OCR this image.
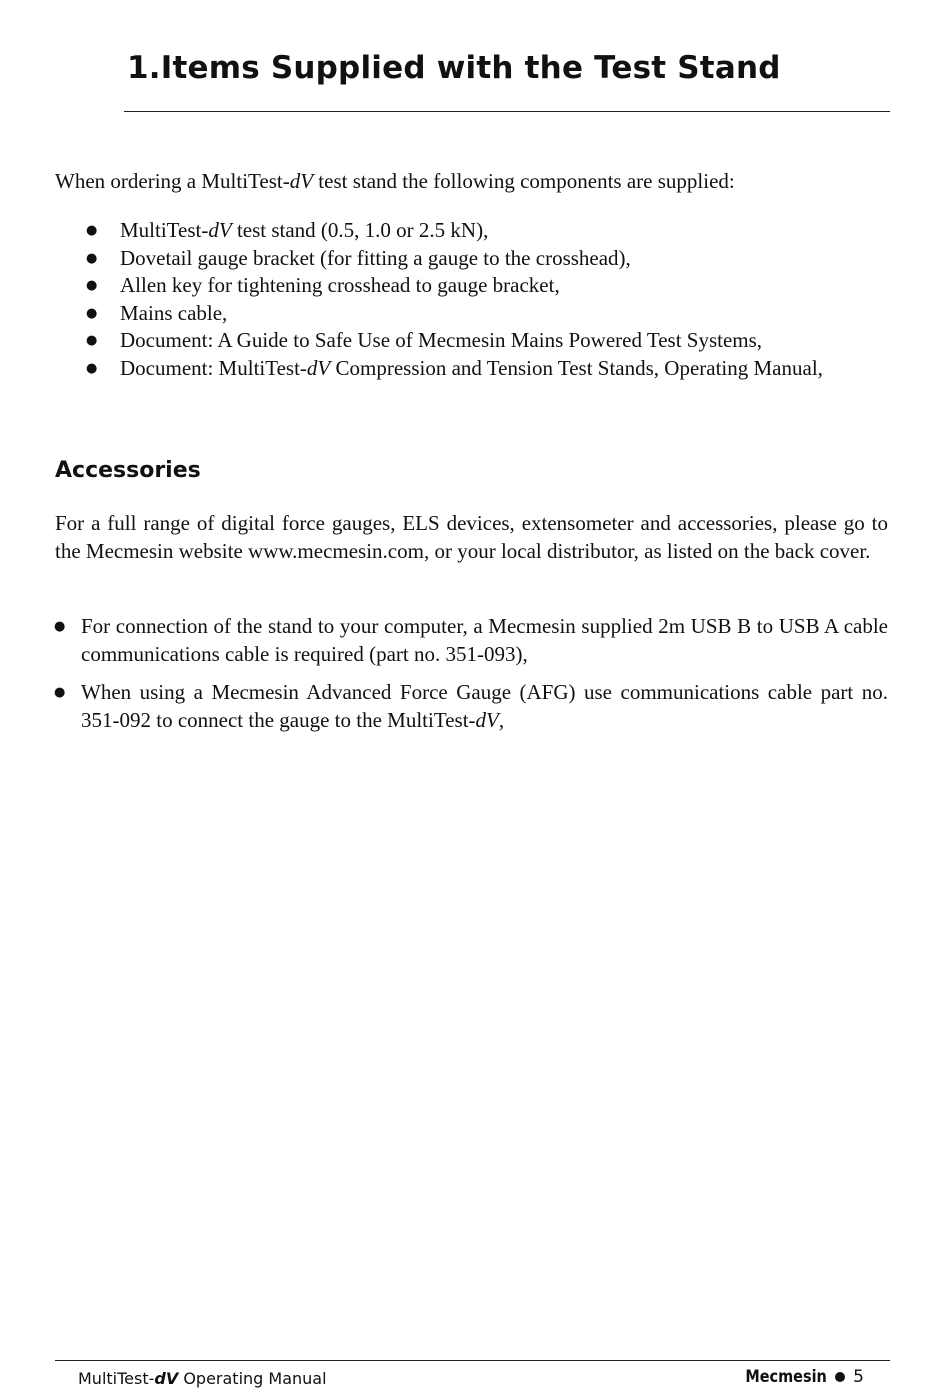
1.Items Supplied with the Test Stand

When ordering a MultiTest-dV test stand the following components are supplied:

● MultiTest-dV test stand (0.5, 1.0 or 2.5 kN),
● Dovetail gauge bracket (for fitting a gauge to the crosshead),
● Allen key for tightening crosshead to gauge bracket,
● Mains cable,
● Document: A Guide to Safe Use of Mecmesin Mains Powered Test Systems,
● Document: MultiTest-dV Compression and Tension Test Stands, Operating Manual,
Accessories

For a full range of digital force gauges, ELS devices, extensometer and accessories, please go to the Mecmesin website www.mecmesin.com, or your local distributor, as listed on the back cover.

● For connection of the stand to your computer, a Mecmesin supplied 2m USB B to USB A cable communications cable is required (part no. 351-093),
● When using a Mecmesin Advanced Force Gauge (AFG) use communications cable part no. 351-092 to connect the gauge to the MultiTest-dV,
MultiTest-dV Operating Manual	Mecmesin 5
